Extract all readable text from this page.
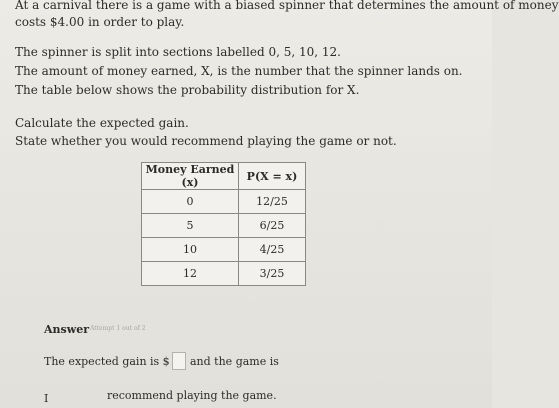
At a carnival there is a game with a biased spinner that determines the amount of money
costs $4.00 in order to play.
The spinner is split into sections labelled 0, 5, 10, 12.
The amount of money earned, X, is the number that the spinner lands on.
The table below shows the probability distribution for X.
Calculate the expected gain.
State whether you would recommend playing the game or not.
Money Earned (x)	P(X = x)
0	12/25
5	6/25
10	4/25
12	3/25
Answer Attempt 1 out of 2
The expected gain is $ and the game is
I	recommend playing the game.
